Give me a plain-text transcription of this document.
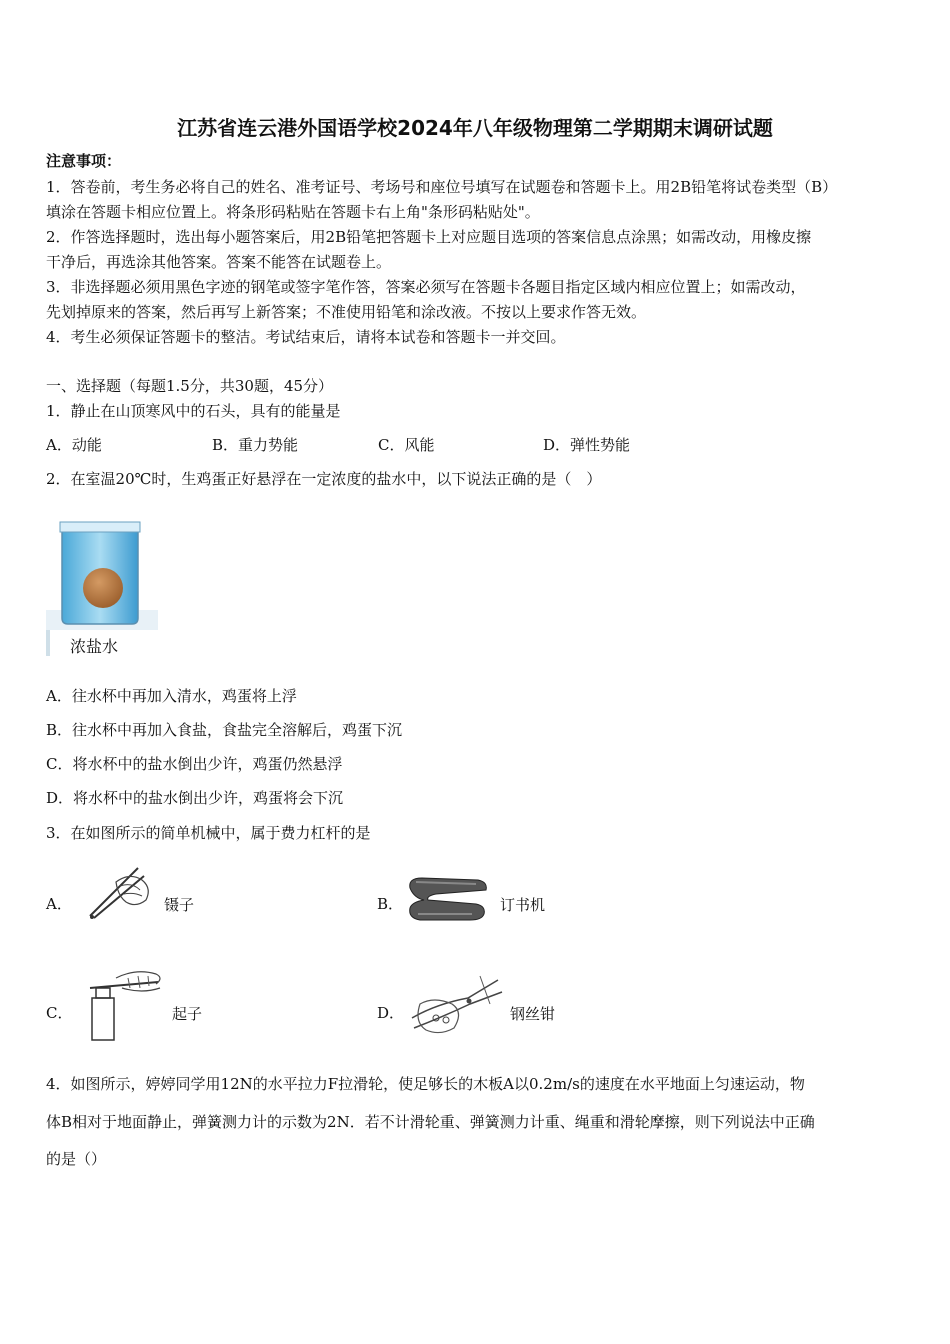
江苏省连云港外国语学校2024年八年级物理第二学期期末调研试题
注意事项：
1．答卷前，考生务必将自己的姓名、准考证号、考场号和座位号填写在试题卷和答题卡上。用2B铅笔将试卷类型（B）
填涂在答题卡相应位置上。将条形码粘贴在答题卡右上角"条形码粘贴处"。
2．作答选择题时，选出每小题答案后，用2B铅笔把答题卡上对应题目选项的答案信息点涂黑；如需改动，用橡皮擦
干净后，再选涂其他答案。答案不能答在试题卷上。
3．非选择题必须用黑色字迹的钢笔或签字笔作答，答案必须写在答题卡各题目指定区域内相应位置上；如需改动，
先划掉原来的答案，然后再写上新答案；不准使用铅笔和涂改液。不按以上要求作答无效。
4．考生必须保证答题卡的整洁。考试结束后，请将本试卷和答题卡一并交回。
一、选择题（每题1.5分，共30题，45分）
1．静止在山顶寒风中的石头，具有的能量是
A．动能	B．重力势能	C．风能	D．弹性势能
2．在室温20℃时，生鸡蛋正好悬浮在一定浓度的盐水中，以下说法正确的是（　）
浓盐水
A．往水杯中再加入清水，鸡蛋将上浮
B．往水杯中再加入食盐，食盐完全溶解后，鸡蛋下沉
C．将水杯中的盐水倒出少许，鸡蛋仍然悬浮
D．将水杯中的盐水倒出少许，鸡蛋将会下沉
3．在如图所示的简单机械中，属于费力杠杆的是
A．	镊子	B．	订书机
C．	起子	D．	钢丝钳
4．如图所示，婷婷同学用12N的水平拉力F拉滑轮，使足够长的木板A以0.2m/s的速度在水平地面上匀速运动，物
体B相对于地面静止，弹簧测力计的示数为2N．若不计滑轮重、弹簧测力计重、绳重和滑轮摩擦，则下列说法中正确
的是（）
